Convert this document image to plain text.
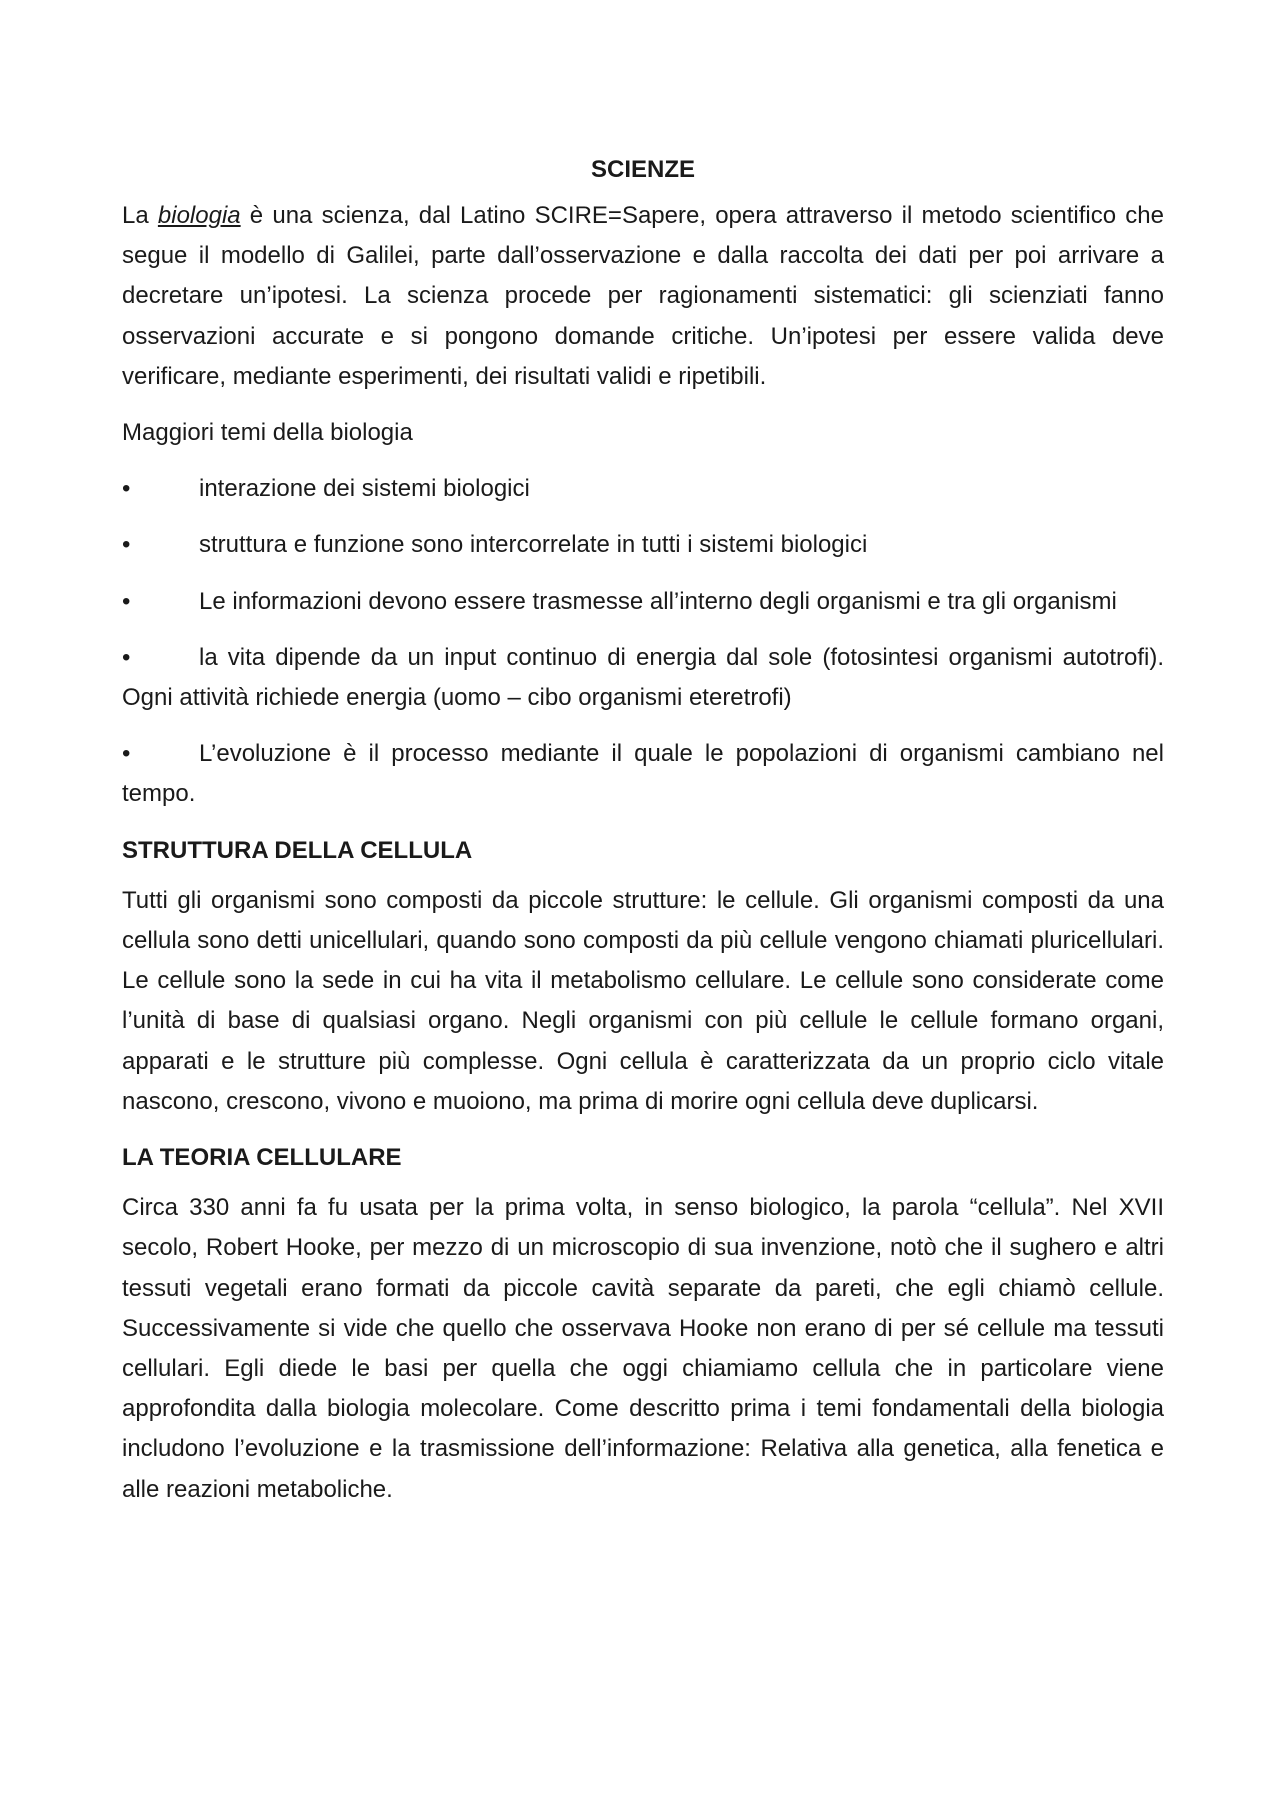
SCIENZE

La biologia è una scienza, dal Latino SCIRE=Sapere, opera attraverso il metodo scientifico che segue il modello di Galilei, parte dall’osservazione e dalla raccolta dei dati per poi arrivare a decretare un’ipotesi. La scienza procede per ragionamenti sistematici: gli scienziati fanno osservazioni accurate e si pongono domande critiche. Un’ipotesi per essere valida deve verificare, mediante esperimenti, dei risultati validi e ripetibili.

Maggiori temi della biologia

•	interazione dei sistemi biologici

•	struttura e funzione sono intercorrelate in tutti i sistemi biologici

•	Le informazioni devono essere trasmesse all’interno degli organismi e tra gli organismi

•	la vita dipende da un input continuo di energia dal sole (fotosintesi organismi autotrofi). Ogni attività richiede energia (uomo – cibo organismi eteretrofi)

•	L’evoluzione è il processo mediante il quale le popolazioni di organismi cambiano nel tempo.

STRUTTURA DELLA CELLULA

Tutti gli organismi sono composti da piccole strutture: le cellule. Gli organismi composti da una cellula sono detti unicellulari, quando sono composti da più cellule vengono chiamati pluricellulari. Le cellule sono la sede in cui ha vita il metabolismo cellulare. Le cellule sono considerate come l’unità di base di qualsiasi organo. Negli organismi con più cellule le cellule formano organi, apparati e le strutture più complesse. Ogni cellula è caratterizzata da un proprio ciclo vitale nascono, crescono, vivono e muoiono, ma prima di morire ogni cellula deve duplicarsi.

LA TEORIA CELLULARE

Circa 330 anni fa fu usata per la prima volta, in senso biologico, la parola “cellula”. Nel XVII secolo, Robert Hooke, per mezzo di un microscopio di sua invenzione, notò che il sughero e altri tessuti vegetali erano formati da piccole cavità separate da pareti, che egli chiamò cellule. Successivamente si vide che quello che osservava Hooke non erano di per sé cellule ma tessuti cellulari. Egli diede le basi per quella che oggi chiamiamo cellula che in particolare viene approfondita dalla biologia molecolare. Come descritto prima i temi fondamentali della biologia includono l’evoluzione e la trasmissione dell’informazione: Relativa alla genetica, alla fenetica e alle reazioni metaboliche.
